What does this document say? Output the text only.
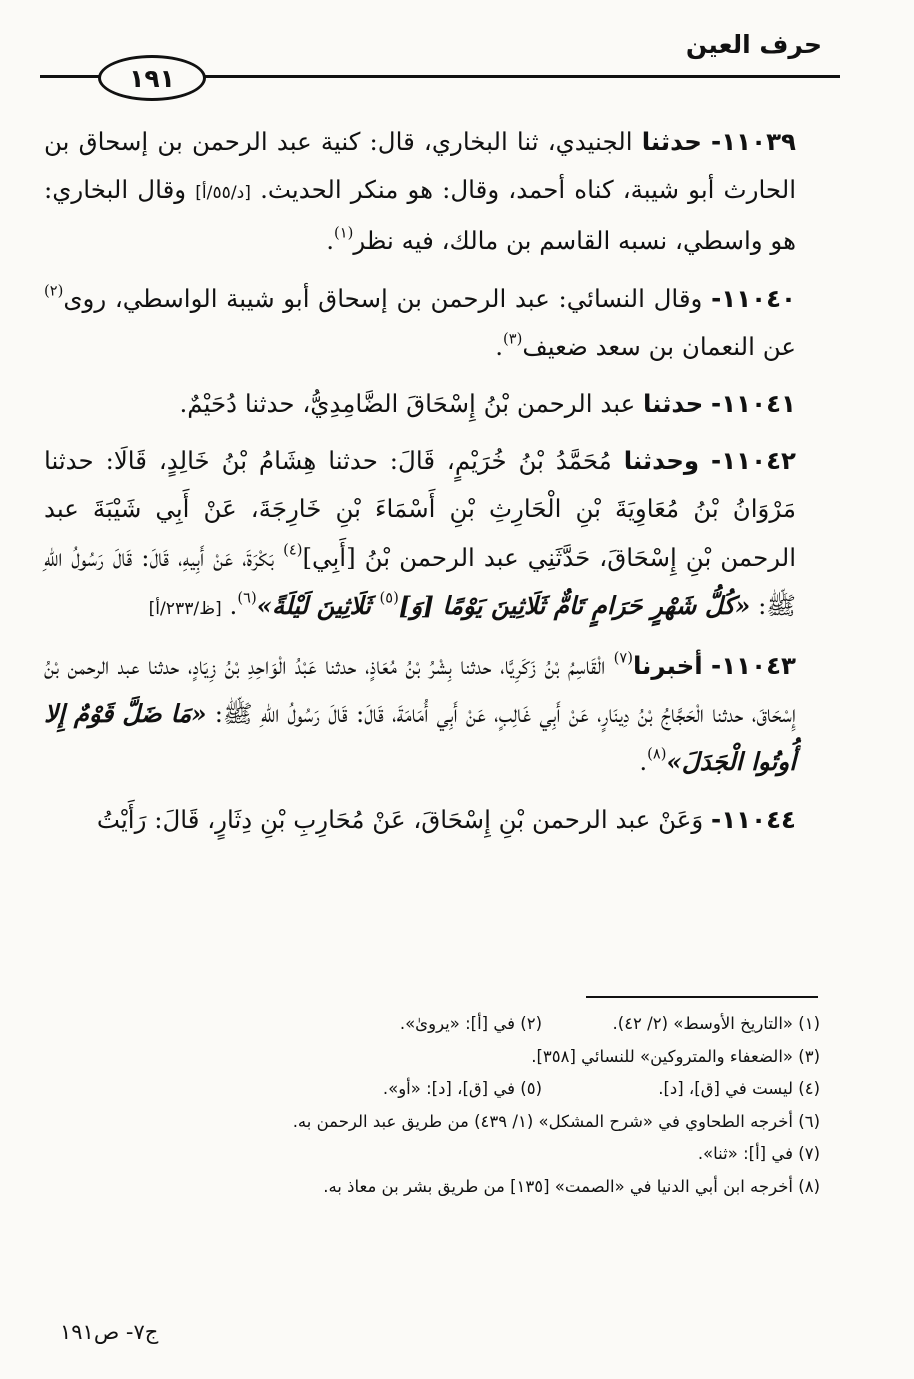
حرف العين
١٩١

١١٠٣٩- حدثنا الجنيدي، ثنا البخاري، قال: كنية عبد الرحمن بن إسحاق بن الحارث أبو شيبة، كناه أحمد، وقال: هو منكر الحديث. [د/٥٥/أ] وقال البخاري: هو واسطي، نسبه القاسم بن مالك، فيه نظر$^{(١)}$.

١١٠٤٠- وقال النسائي: عبد الرحمن بن إسحاق أبو شيبة الواسطي، روى$^{(٢)}$ عن النعمان بن سعد ضعيف$^{(٣)}$.

١١٠٤١- حدثنا عبد الرحمن بْنُ إِسْحَاقَ الضَّامِدِيُّ، حدثنا دُحَيْمٌ.

١١٠٤٢- وحدثنا مُحَمَّدُ بْنُ خُرَيْمٍ، قَالَ: حدثنا هِشَامُ بْنُ خَالِدٍ، قَالَا: حدثنا مَرْوَانُ بْنُ مُعَاوِيَةَ بْنِ الْحَارِثِ بْنِ أَسْمَاءَ بْنِ خَارِجَةَ، عَنْ أَبِي شَيْبَةَ عبد الرحمن بْنِ إِسْحَاقَ، حَدَّثَنِي عبد الرحمن بْنُ [أَبِي]$^{(٤)}$ بَكْرَةَ، عَنْ أَبِيهِ، قَالَ: قَالَ رَسُولُ اللهِ ﷺ: «كُلُّ شَهْرٍ حَرَامٍ تَامٌّ ثَلَاثِينَ يَوْمًا [وَ]$^{(٥)}$ ثَلَاثِينَ لَيْلَةً»$^{(٦)}$. [ظ/٢٣٣/أ]

١١٠٤٣- أخبرنا$^{(٧)}$ الْقَاسِمُ بْنُ زَكَرِيَّا، حدثنا بِشْرُ بْنُ مُعَاذٍ، حدثنا عَبْدُ الْوَاحِدِ بْنُ زِيَادٍ، حدثنا عبد الرحمن بْنُ إِسْحَاقَ، حدثنا الْحَجَّاجُ بْنُ دِينَارٍ، عَنْ أَبِي غَالِبٍ، عَنْ أَبِي أُمَامَةَ، قَالَ: قَالَ رَسُولُ اللهِ ﷺ: «مَا ضَلَّ قَوْمٌ إِلا أُوتُوا الْجَدَلَ»$^{(٨)}$.

١١٠٤٤- وَعَنْ عبد الرحمن بْنِ إِسْحَاقَ، عَنْ مُحَارِبِ بْنِ دِثَارٍ، قَالَ: رَأَيْتُ

(١) «التاريخ الأوسط» (٢/ ٤٢).(٢) في [أ]: «يروىٰ».
(٣) «الضعفاء والمتروكين» للنسائي [٣٥٨].
(٤) ليست في [ق]، [د].(٥) في [ق]، [د]: «أو».
(٦) أخرجه الطحاوي في «شرح المشكل» (١/ ٤٣٩) من طريق عبد الرحمن به.
(٧) في [أ]: «ثنا».
(٨) أخرجه ابن أبي الدنيا في «الصمت» [١٣٥] من طريق بشر بن معاذ به.
ج٧- ص١٩١
